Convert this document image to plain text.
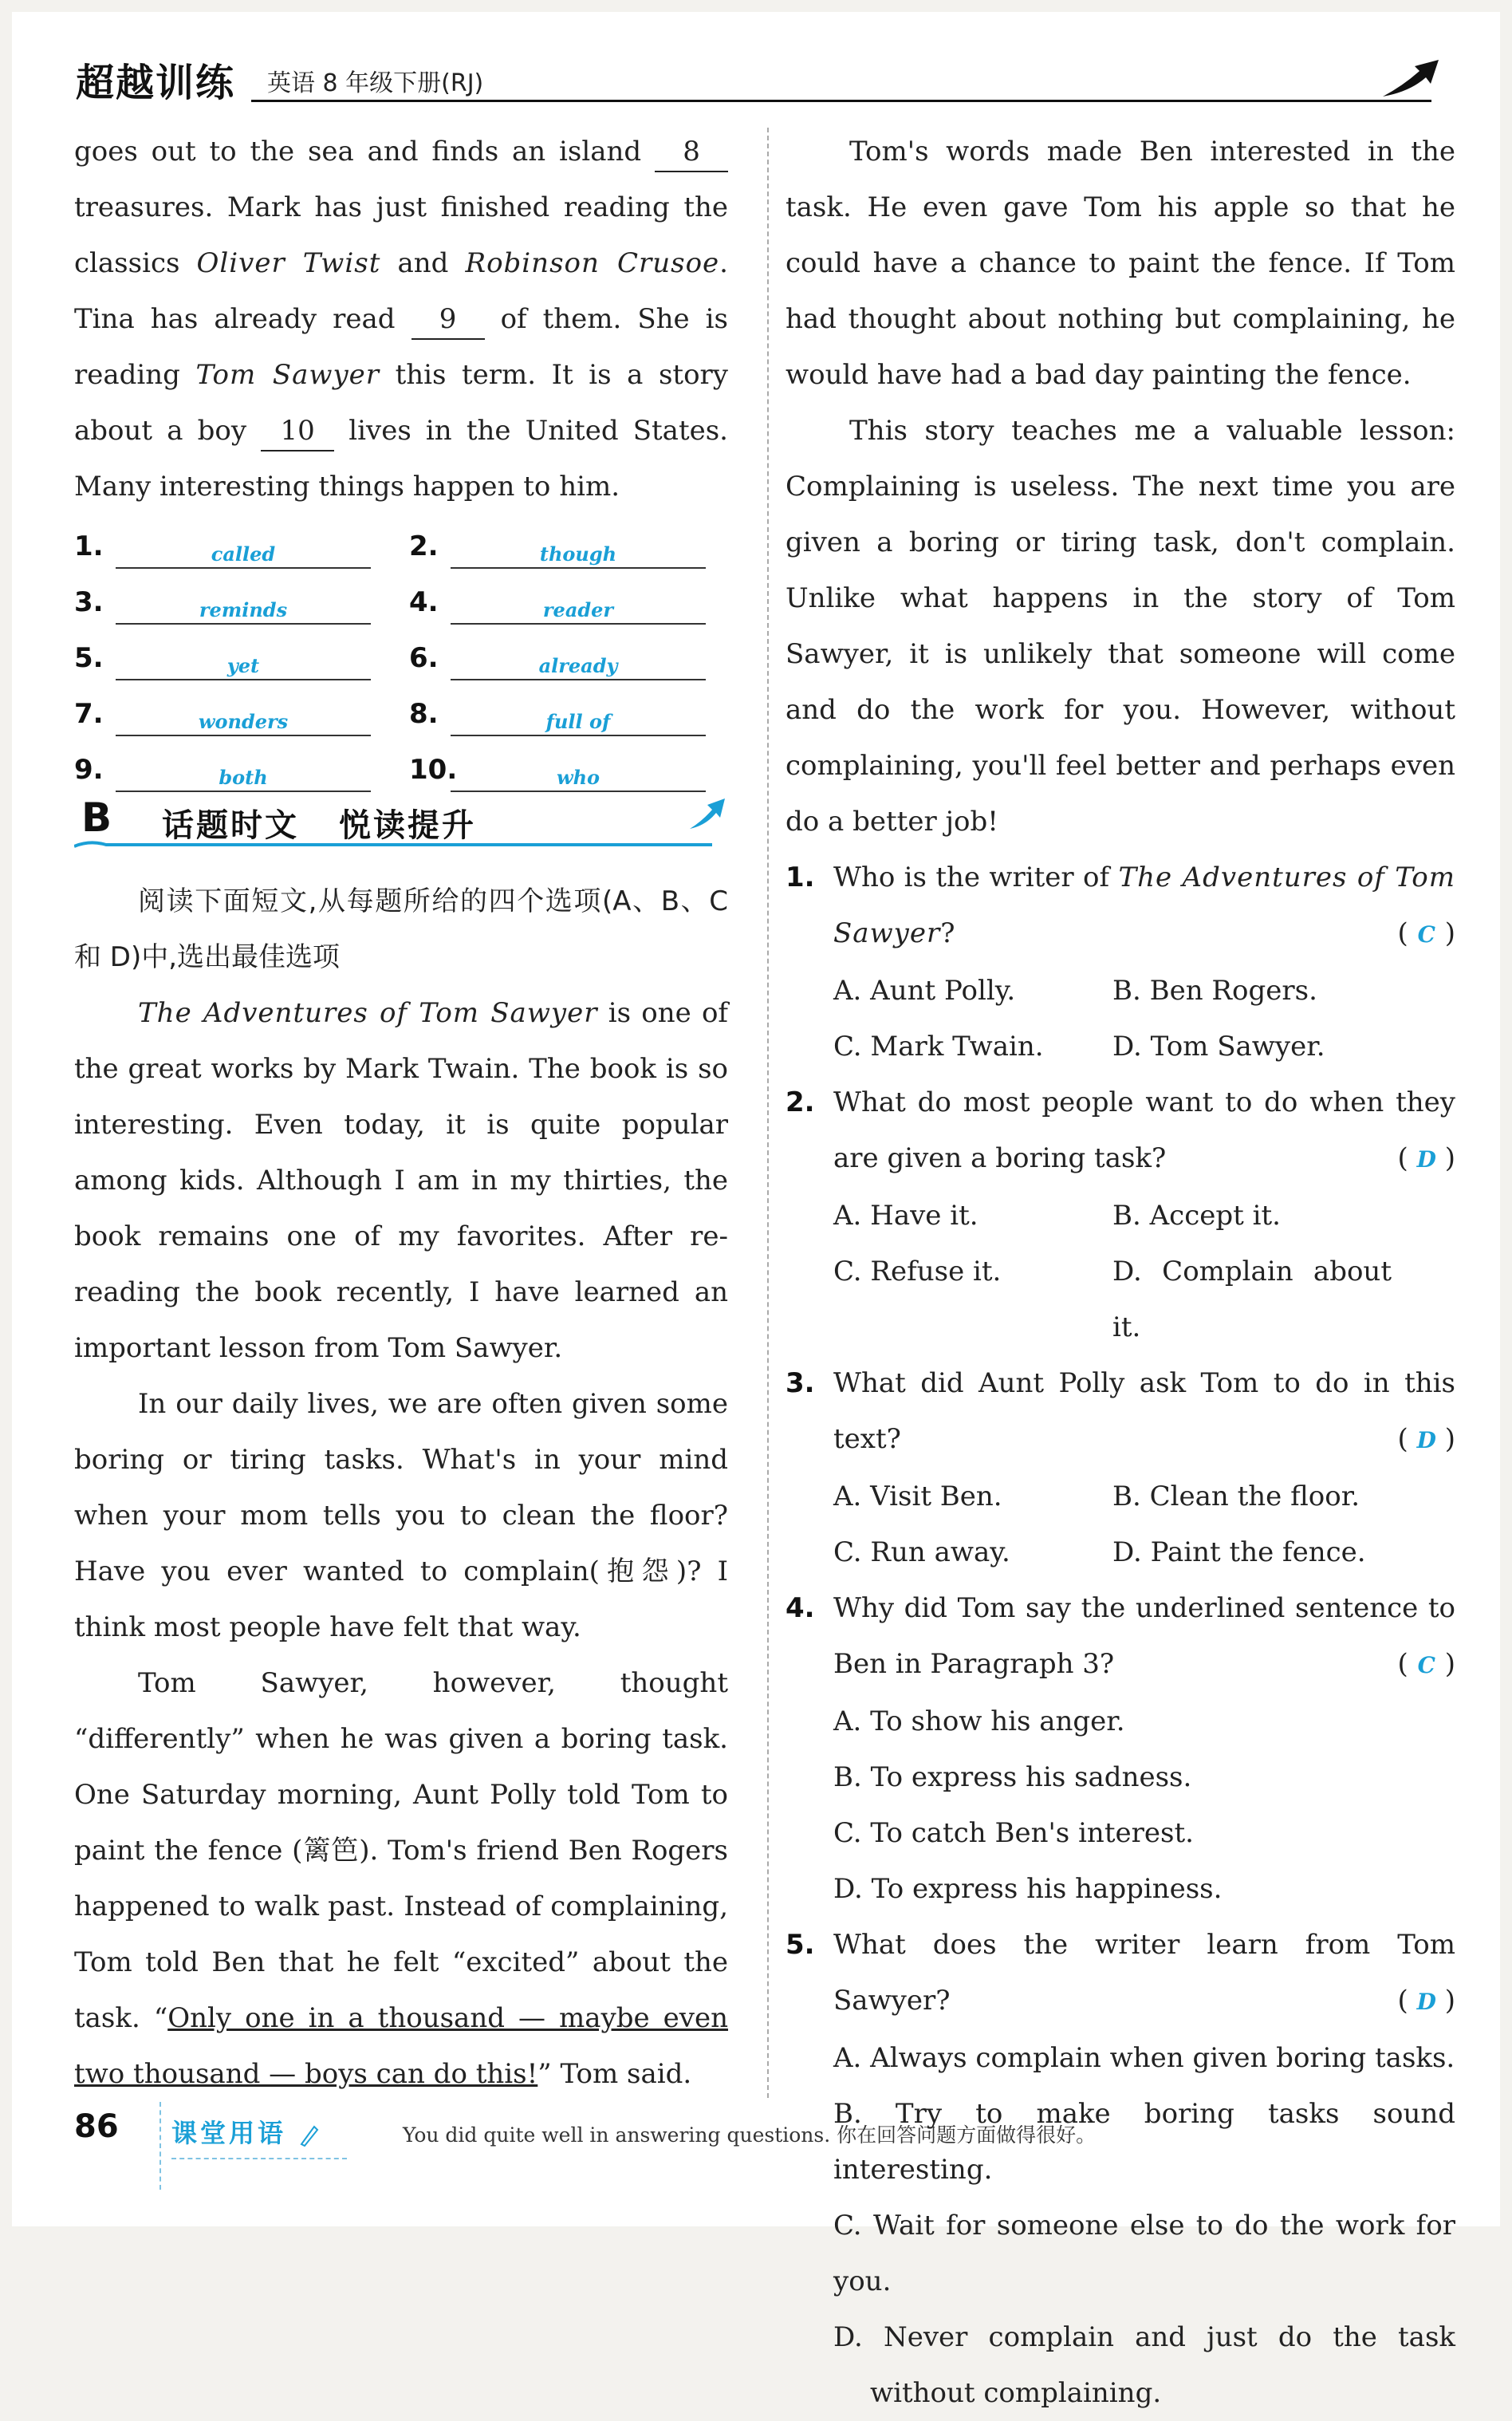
超越训练 英语 8 年级下册(RJ)

goes out to the sea and finds an island 8 treasures. Mark has just finished reading the classics Oliver Twist and Robinson Crusoe. Tina has already read 9 of them. She is reading Tom Sawyer this term. It is a story about a boy 10 lives in the United States. Many interesting things happen to him.

1.	called	2.	though
3.	reminds	4.	reader
5.	yet	6.	already
7.	wonders	8.	full of
9.	both	10.	who
B 话题时文 悦读提升

阅读下面短文,从每题所给的四个选项(A、B、C 和 D)中,选出最佳选项

The Adventures of Tom Sawyer is one of the great works by Mark Twain. The book is so interesting. Even today, it is quite popular among kids. Although I am in my thirties, the book remains one of my favorites. After re-reading the book recently, I have learned an important lesson from Tom Sawyer.

In our daily lives, we are often given some boring or tiring tasks. What's in your mind when your mom tells you to clean the floor? Have you ever wanted to complain(抱怨)? I think most people have felt that way.

Tom Sawyer, however, thought “differently” when he was given a boring task. One Saturday morning, Aunt Polly told Tom to paint the fence (篱笆). Tom's friend Ben Rogers happened to walk past. Instead of complaining, Tom told Ben that he felt “excited” about the task. “Only one in a thousand — maybe even two thousand — boys can do this!” Tom said.

Tom's words made Ben interested in the task. He even gave Tom his apple so that he could have a chance to paint the fence. If Tom had thought about nothing but complaining, he would have had a bad day painting the fence.

This story teaches me a valuable lesson: Complaining is useless. The next time you are given a boring or tiring task, don't complain. Unlike what happens in the story of Tom Sawyer, it is unlikely that someone will come and do the work for you. However, without complaining, you'll feel better and perhaps even do a better job!

1. Who is the writer of The Adventures of Tom Sawyer?	( C )
A. Aunt Polly.	B. Ben Rogers.
C. Mark Twain.	D. Tom Sawyer.
2. What do most people want to do when they are given a boring task?	( D )
A. Have it.	B. Accept it.
C. Refuse it.	D. Complain about it.
3. What did Aunt Polly ask Tom to do in this text?	( D )
A. Visit Ben.	B. Clean the floor.
C. Run away.	D. Paint the fence.
4. Why did Tom say the underlined sentence to Ben in Paragraph 3?	( C )
A. To show his anger.
B. To express his sadness.
C. To catch Ben's interest.
D. To express his happiness.
5. What does the writer learn from Tom Sawyer?	( D )
A. Always complain when given boring tasks.
B. Try to make boring tasks sound interesting.
C. Wait for someone else to do the work for you.
D. Never complain and just do the task without complaining.
86 课堂用语	You did quite well in answering questions. 你在回答问题方面做得很好。
